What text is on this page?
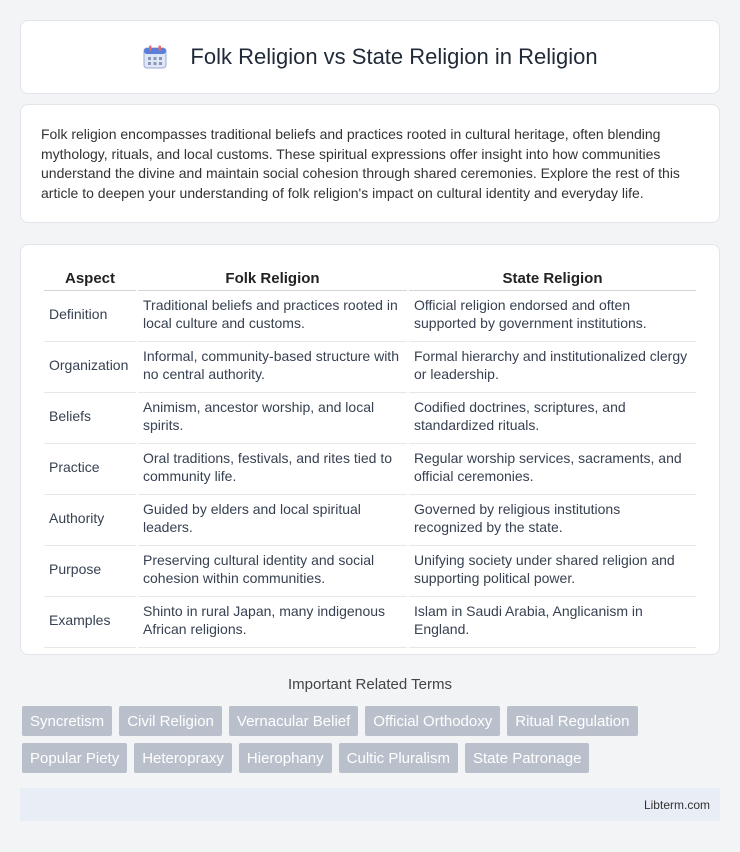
Folk Religion vs State Religion in Religion

Folk religion encompasses traditional beliefs and practices rooted in cultural heritage, often blending mythology, rituals, and local customs. These spiritual expressions offer insight into how communities understand the divine and maintain social cohesion through shared ceremonies. Explore the rest of this article to deepen your understanding of folk religion's impact on cultural identity and everyday life.

Aspect	Folk Religion	State Religion
Definition	Traditional beliefs and practices rooted in local culture and customs.	Official religion endorsed and often supported by government institutions.
Organization	Informal, community-based structure with no central authority.	Formal hierarchy and institutionalized clergy or leadership.
Beliefs	Animism, ancestor worship, and local spirits.	Codified doctrines, scriptures, and standardized rituals.
Practice	Oral traditions, festivals, and rites tied to community life.	Regular worship services, sacraments, and official ceremonies.
Authority	Guided by elders and local spiritual leaders.	Governed by religious institutions recognized by the state.
Purpose	Preserving cultural identity and social cohesion within communities.	Unifying society under shared religion and supporting political power.
Examples	Shinto in rural Japan, many indigenous African religions.	Islam in Saudi Arabia, Anglicanism in England.
Important Related Terms
Syncretism	Civil Religion	Vernacular Belief	Official Orthodoxy	Ritual Regulation
Popular Piety	Heteropraxy	Hierophany	Cultic Pluralism	State Patronage
Libterm.com
